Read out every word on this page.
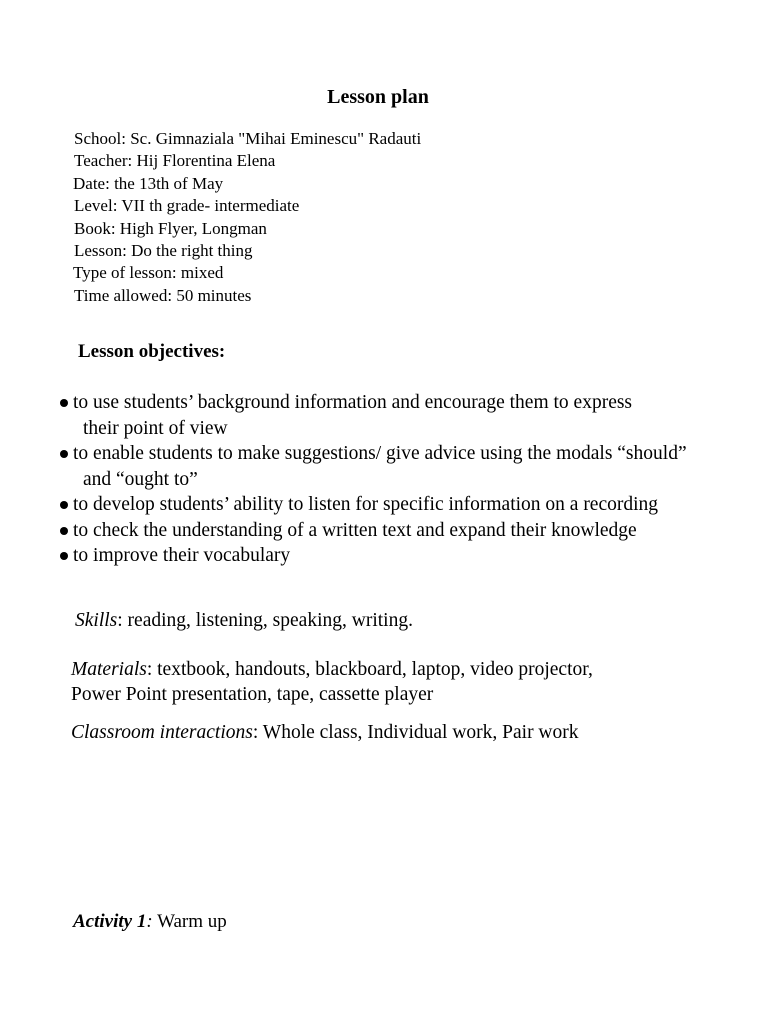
Lesson plan
School: Sc. Gimnaziala "Mihai Eminescu" Radauti
Teacher: Hij Florentina Elena
Date: the 13th of May
Level: VII th grade- intermediate
Book: High Flyer, Longman
Lesson: Do the right thing
Type of lesson: mixed
Time allowed: 50 minutes
Lesson objectives:
to use students’ background information and encourage them to express
their point of view
to enable students to make suggestions/ give advice using the modals “should”
and “ought to”
to develop students’ ability to listen for specific information on a recording
to check the understanding of a written text and expand their knowledge
to improve their vocabulary
Skills: reading, listening, speaking, writing.
Materials: textbook, handouts, blackboard, laptop, video projector,
Power Point presentation, tape, cassette player
Classroom interactions: Whole class, Individual work, Pair work
Activity 1: Warm up
